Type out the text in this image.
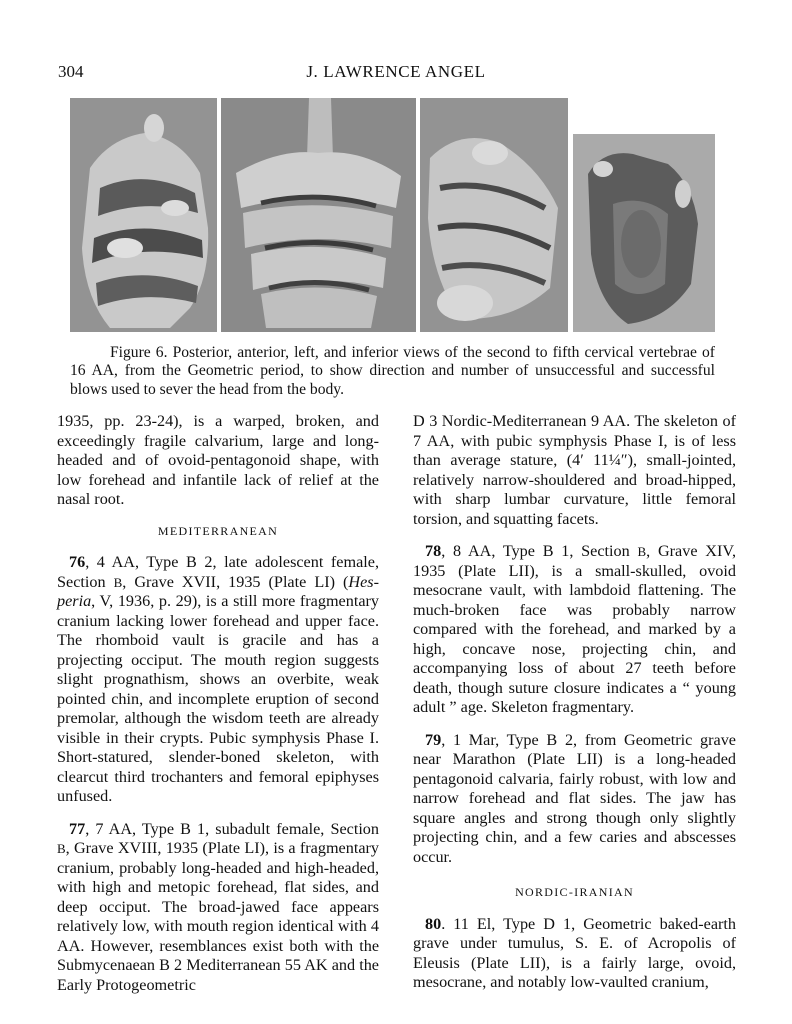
304	J. LAWRENCE ANGEL
Figure 6. Posterior, anterior, left, and inferior views of the second to fifth cervical vertebrae of 16 AA, from the Geometric period, to show direction and number of unsuccessful and successful blows used to sever the head from the body.

1935, pp. 23-24), is a warped, broken, and exceedingly fragile calvarium, large and long-headed and of ovoid-pentagonoid shape, with low forehead and infantile lack of relief at the nasal root.

MEDITERRANEAN

76, 4 AA, Type B 2, late adolescent female, Section B, Grave XVII, 1935 (Plate LI) (Hes- peria, V, 1936, p. 29), is a still more fragmentary cranium lacking lower forehead and upper face. The rhomboid vault is gracile and has a projecting occiput. The mouth region suggests slight prognathism, shows an overbite, weak pointed chin, and incomplete eruption of second premolar, although the wisdom teeth are already visible in their crypts. Pubic symphysis Phase I. Short-statured, slender-boned skeleton, with clearcut third trochanters and femoral epiphyses unfused.

77, 7 AA, Type B 1, subadult female, Section B, Grave XVIII, 1935 (Plate LI), is a fragmentary cranium, probably long-headed and high-headed, with high and metopic forehead, flat sides, and deep occiput. The broad-jawed face appears relatively low, with mouth region identical with 4 AA. However, resemblances exist both with the Submycenaean B 2 Mediterranean 55 AK and the Early Protogeometric

D 3 Nordic-Mediterranean 9 AA. The skeleton of 7 AA, with pubic symphysis Phase I, is of less than average stature, (4′ 11¼″), small-jointed, relatively narrow-shouldered and broad-hipped, with sharp lumbar curvature, little femoral torsion, and squatting facets.

78, 8 AA, Type B 1, Section B, Grave XIV, 1935 (Plate LII), is a small-skulled, ovoid mesocrane vault, with lambdoid flattening. The much-broken face was probably narrow compared with the forehead, and marked by a high, concave nose, projecting chin, and accompanying loss of about 27 teeth before death, though suture closure indicates a “ young adult ” age. Skeleton fragmentary.

79, 1 Mar, Type B 2, from Geometric grave near Marathon (Plate LII) is a long-headed pentagonoid calvaria, fairly robust, with low and narrow forehead and flat sides. The jaw has square angles and strong though only slightly projecting chin, and a few caries and abscesses occur.

NORDIC-IRANIAN

80. 11 El, Type D 1, Geometric baked-earth grave under tumulus, S. E. of Acropolis of Eleusis (Plate LII), is a fairly large, ovoid, mesocrane, and notably low-vaulted cranium,
